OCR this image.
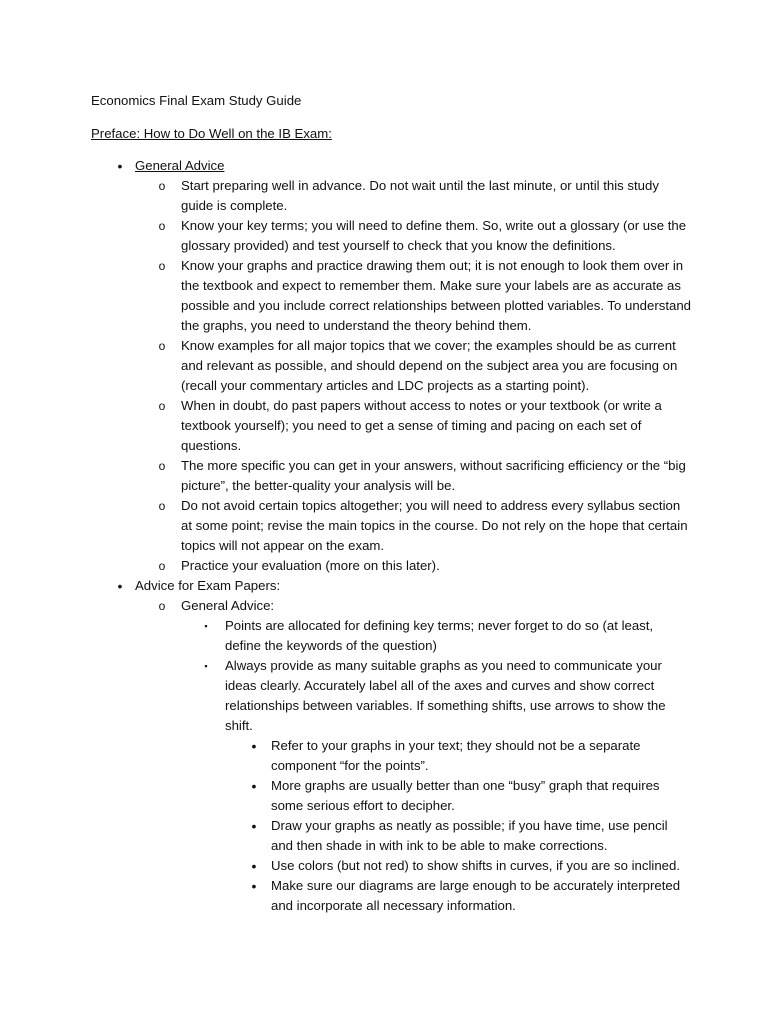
Economics Final Exam Study Guide
Preface: How to Do Well on the IB Exam:
• General Advice
o Start preparing well in advance. Do not wait until the last minute, or until this study guide is complete.
o Know your key terms; you will need to define them. So, write out a glossary (or use the glossary provided) and test yourself to check that you know the definitions.
o Know your graphs and practice drawing them out; it is not enough to look them over in the textbook and expect to remember them. Make sure your labels are as accurate as possible and you include correct relationships between plotted variables. To understand the graphs, you need to understand the theory behind them.
o Know examples for all major topics that we cover; the examples should be as current and relevant as possible, and should depend on the subject area you are focusing on (recall your commentary articles and LDC projects as a starting point).
o When in doubt, do past papers without access to notes or your textbook (or write a textbook yourself); you need to get a sense of timing and pacing on each set of questions.
o The more specific you can get in your answers, without sacrificing efficiency or the “big picture”, the better-quality your analysis will be.
o Do not avoid certain topics altogether; you will need to address every syllabus section at some point; revise the main topics in the course. Do not rely on the hope that certain topics will not appear on the exam.
o Practice your evaluation (more on this later).
• Advice for Exam Papers:
o General Advice:
▪ Points are allocated for defining key terms; never forget to do so (at least, define the keywords of the question)
▪ Always provide as many suitable graphs as you need to communicate your ideas clearly. Accurately label all of the axes and curves and show correct relationships between variables. If something shifts, use arrows to show the shift.
• Refer to your graphs in your text; they should not be a separate component “for the points”.
• More graphs are usually better than one “busy” graph that requires some serious effort to decipher.
• Draw your graphs as neatly as possible; if you have time, use pencil and then shade in with ink to be able to make corrections.
• Use colors (but not red) to show shifts in curves, if you are so inclined.
• Make sure our diagrams are large enough to be accurately interpreted and incorporate all necessary information.
